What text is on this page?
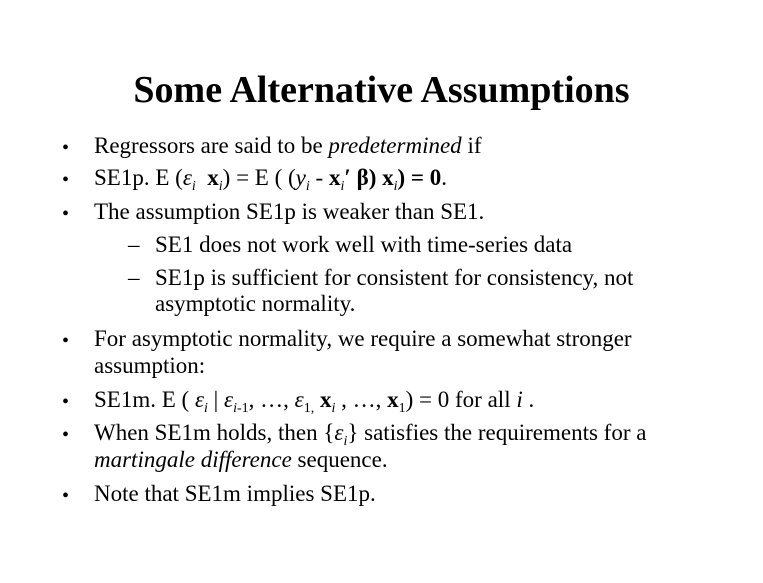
Some Alternative Assumptions
• Regressors are said to be predetermined if
• SE1p. E ($\varepsilon_i$ $x_i) = E$ ( ($y_i - x_i'$ β) $x_i) = 0$.
• The assumption SE1p is weaker than SE1.
– SE1 does not work well with time-series data
– SE1p is sufficient for consistent for consistency, not
asymptotic normality.
• For asymptotic normality, we require a somewhat stronger
assumption:
• SE1m. E ( $\varepsilon_i$ | $\varepsilon_{i-1}$, …, $\varepsilon_{1,}$ $x_i$ , …, $x_1) = 0$ for all i .
• When SE1m holds, then $\{\varepsilon_i\}$ satisfies the requirements for a
martingale difference sequence.
• Note that SE1m implies SE1p.
